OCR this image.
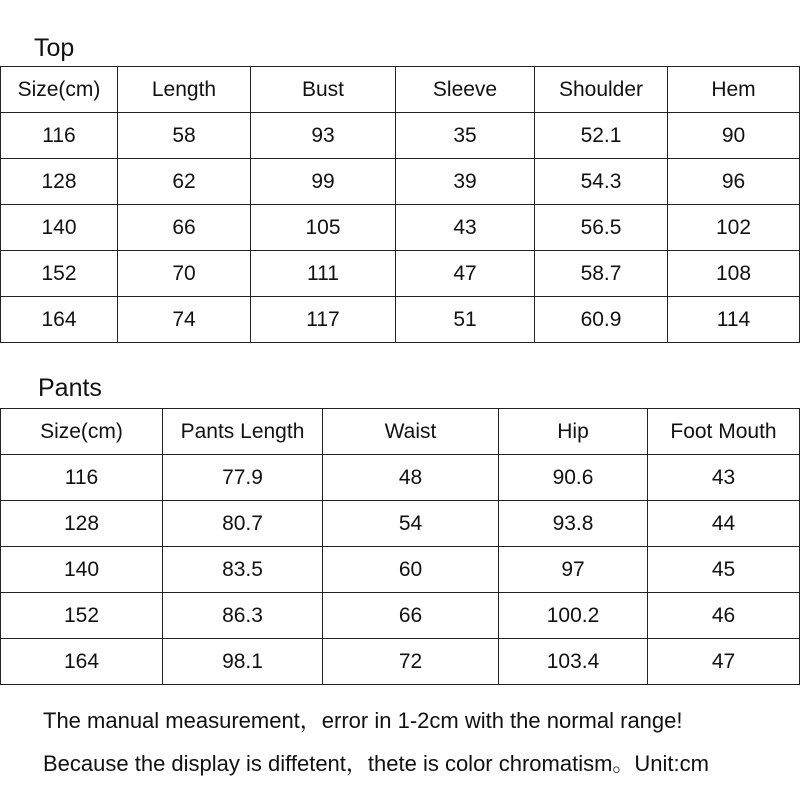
Top
Size(cm)	Length	Bust	Sleeve	Shoulder	Hem
116	58	93	35	52.1	90
128	62	99	39	54.3	96
140	66	105	43	56.5	102
152	70	111	47	58.7	108
164	74	117	51	60.9	114
Pants
Size(cm)	Pants Length	Waist	Hip	Foot Mouth
116	77.9	48	90.6	43
128	80.7	54	93.8	44
140	83.5	60	97	45
152	86.3	66	100.2	46
164	98.1	72	103.4	47
The manual measurement，error in 1-2cm with the normal range!
Because the display is diffetent，thete is color chromatism。Unit:cm
